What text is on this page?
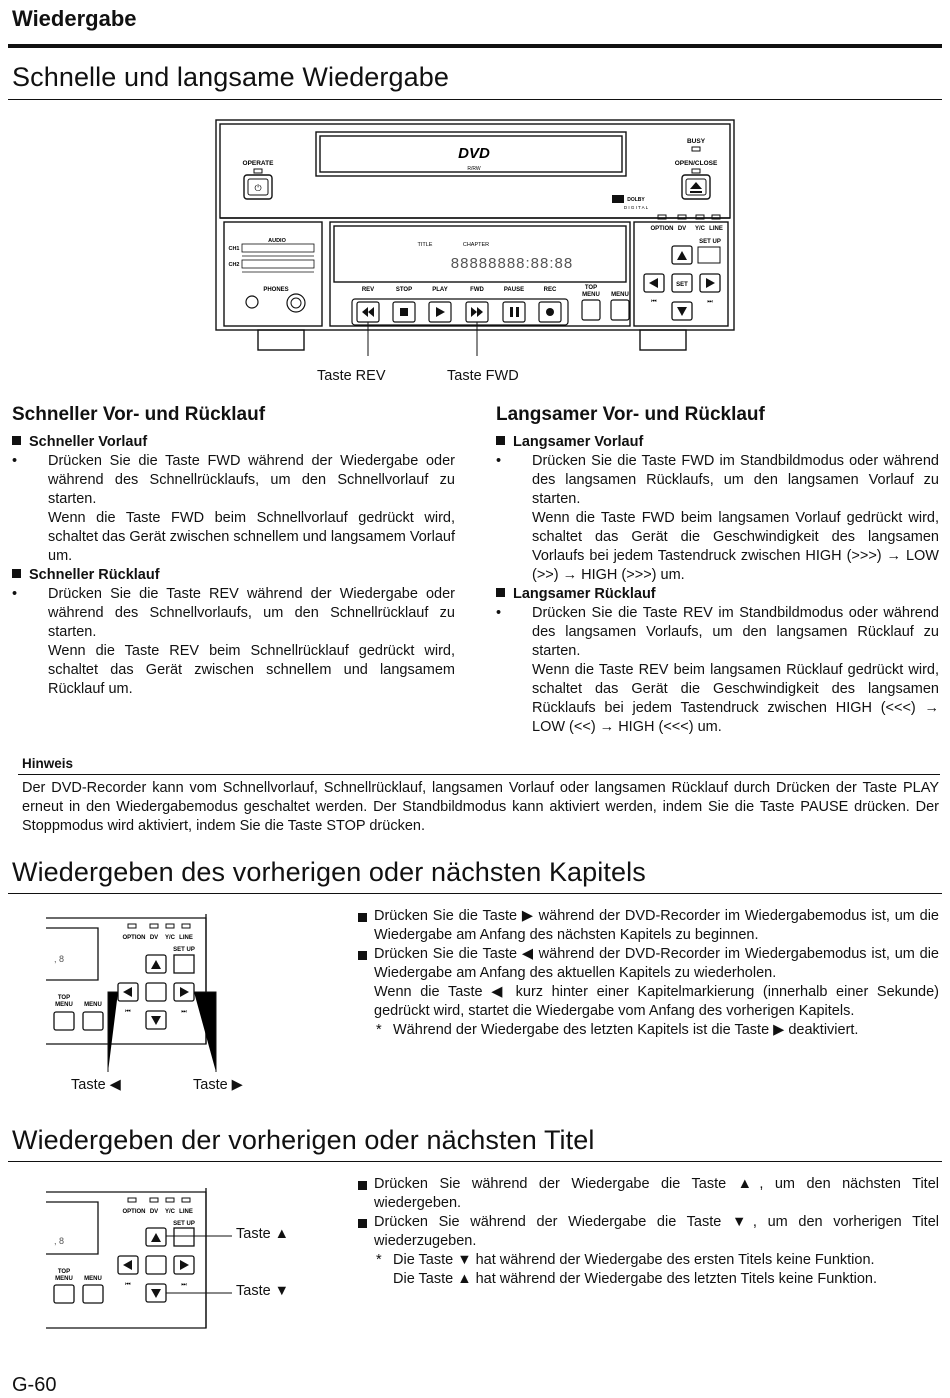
Wiedergabe
Schnelle und langsame Wiedergabe
OPERATE
⏻
DVD
R/RW
BUSY
OPEN/CLOSE
DOLBY
D I G I T A L
OPTION DV Y/C LINE
SET UP
SET
⏮	⏭
AUDIO
CH1
CH2
PHONES
TITLE	CHAPTER
88888888:88:88
REV	STOP	PLAY	FWD	PAUSE	REC	TOP
MENU MENU
Taste REV	Taste FWD
Schneller Vor- und Rücklauf
Schneller Vorlauf
• Drücken Sie die Taste FWD während der Wiedergabe oder während des Schnellrücklaufs, um den Schnellvorlauf zu starten.
Wenn die Taste FWD beim Schnellvorlauf gedrückt wird, schaltet das Gerät zwischen schnellem und langsamem Vorlauf um.
Schneller Rücklauf
• Drücken Sie die Taste REV während der Wiedergabe oder während des Schnellvorlaufs, um den Schnellrücklauf zu starten.
Wenn die Taste REV beim Schnellrücklauf gedrückt wird, schaltet das Gerät zwischen schnellem und langsamem Rücklauf um.
Langsamer Vor- und Rücklauf
Langsamer Vorlauf
• Drücken Sie die Taste FWD im Standbildmodus oder während des langsamen Rücklaufs, um den langsamen Vorlauf zu starten.
Wenn die Taste FWD beim langsamen Vorlauf gedrückt wird, schaltet das Gerät die Geschwindigkeit des langsamen Vorlaufs bei jedem Tastendruck zwischen HIGH (>>>) → LOW (>>) → HIGH (>>>) um.
Langsamer Rücklauf
• Drücken Sie die Taste REV im Standbildmodus oder während des langsamen Vorlaufs, um den langsamen Rücklauf zu starten.
Wenn die Taste REV beim langsamen Rücklauf gedrückt wird, schaltet das Gerät die Geschwindigkeit des langsamen Rücklaufs bei jedem Tastendruck zwischen HIGH (<<<) → LOW (<<) → HIGH (<<<) um.
Hinweis
Der DVD-Recorder kann vom Schnellvorlauf, Schnellrücklauf, langsamen Vorlauf oder langsamen Rücklauf durch Drücken der Taste PLAY erneut in den Wiedergabemodus geschaltet werden. Der Standbildmodus kann aktiviert werden, indem Sie die Taste PAUSE drücken. Der Stoppmodus wird aktiviert, indem Sie die Taste STOP drücken.
Wiedergeben des vorherigen oder nächsten Kapitels
OPTION DV Y/C LINE
SET UP
TOP
MENU MENU
⏮	⏭
, 8
Taste ◀	Taste ▶
Drücken Sie die Taste ▶ während der DVD-Recorder im Wiedergabemodus ist, um die Wiedergabe am Anfang des nächsten Kapitels zu beginnen.
Drücken Sie die Taste ◀ während der DVD-Recorder im Wiedergabemodus ist, um die Wiedergabe am Anfang des aktuellen Kapitels zu wiederholen.
Wenn die Taste ◀ kurz hinter einer Kapitelmarkierung (innerhalb einer Sekunde) gedrückt wird, startet die Wiedergabe vom Anfang des vorherigen Kapitels.
* Während der Wiedergabe des letzten Kapitels ist die Taste ▶ deaktiviert.
Wiedergeben der vorherigen oder nächsten Titel
OPTION DV Y/C LINE
SET UP
TOP
MENU MENU
⏮	⏭
, 8	Taste ▲
Taste ▼
Drücken Sie während der Wiedergabe die Taste ▲, um den nächsten Titel wiedergeben.
Drücken Sie während der Wiedergabe die Taste ▼, um den vorherigen Titel wiederzugeben.
* Die Taste ▼ hat während der Wiedergabe des ersten Titels keine Funktion.
Die Taste ▲ hat während der Wiedergabe des letzten Titels keine Funktion.
G-60
